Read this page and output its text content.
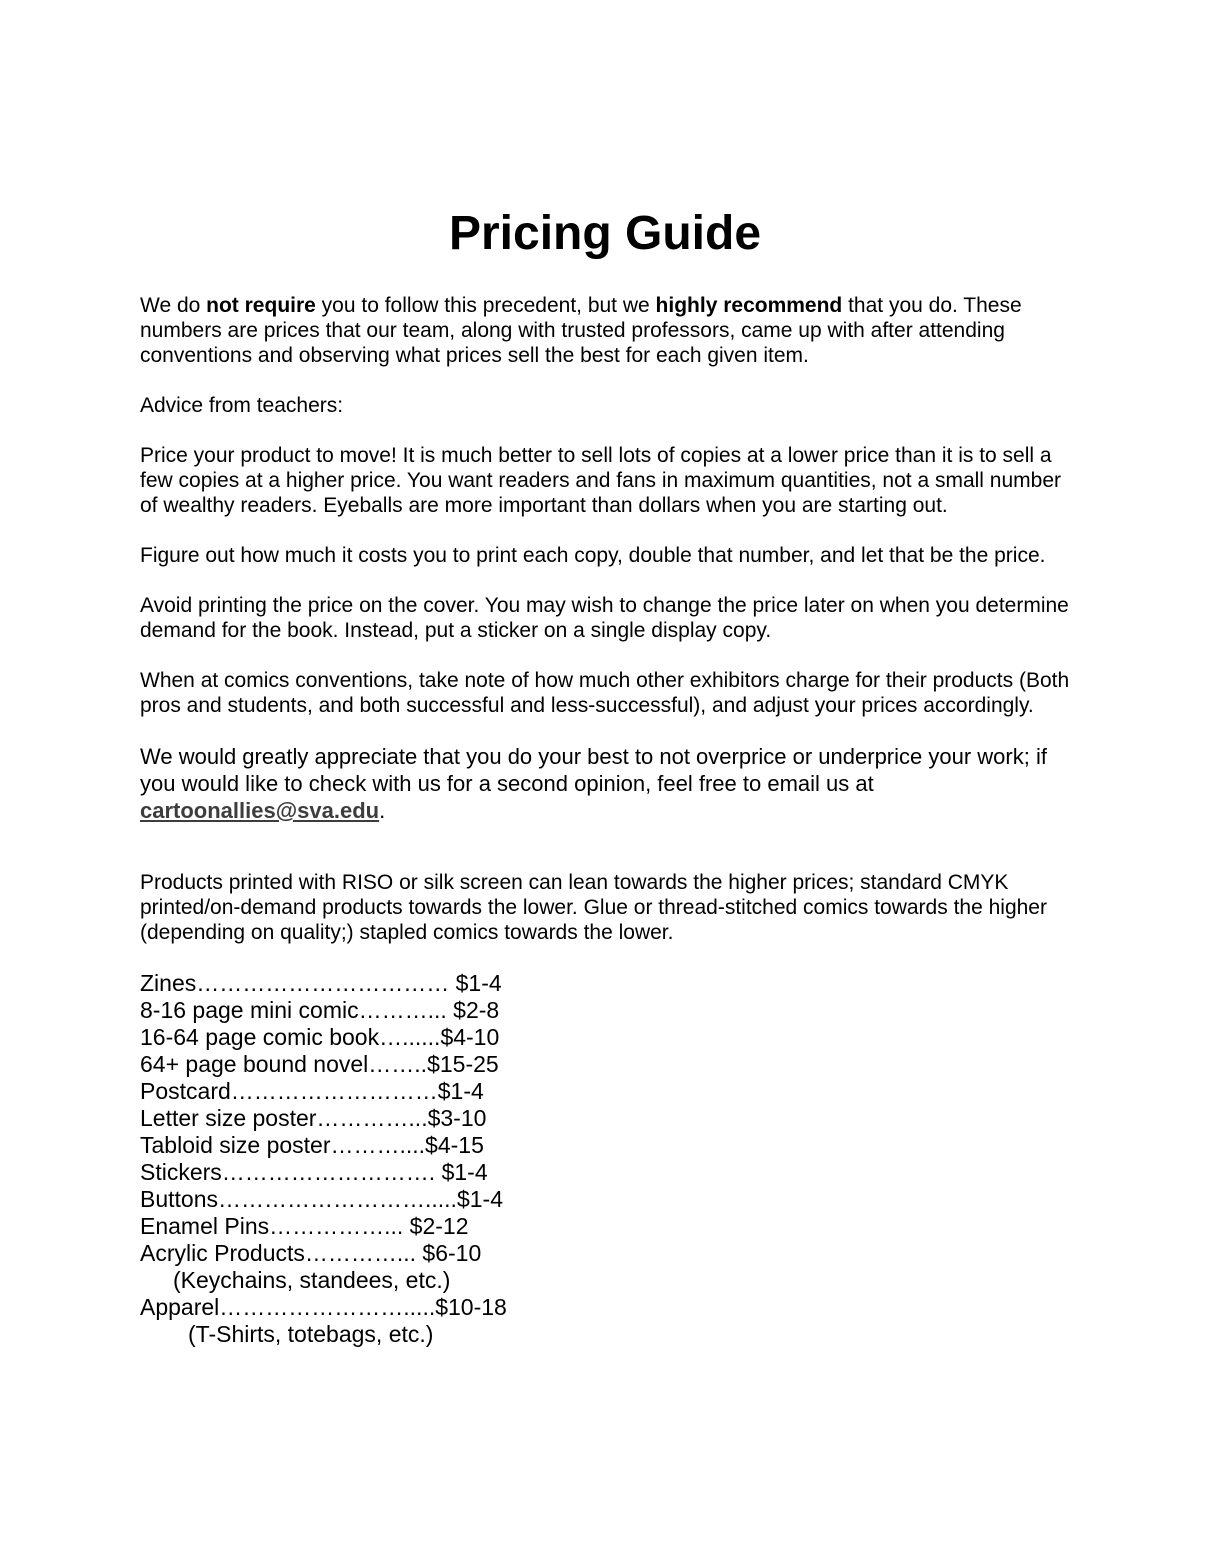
Pricing Guide

We do not require you to follow this precedent, but we highly recommend that you do. These numbers are prices that our team, along with trusted professors, came up with after attending conventions and observing what prices sell the best for each given item.

Advice from teachers:

Price your product to move! It is much better to sell lots of copies at a lower price than it is to sell a few copies at a higher price. You want readers and fans in maximum quantities, not a small number of wealthy readers. Eyeballs are more important than dollars when you are starting out.

Figure out how much it costs you to print each copy, double that number, and let that be the price.

Avoid printing the price on the cover. You may wish to change the price later on when you determine demand for the book. Instead, put a sticker on a single display copy.

When at comics conventions, take note of how much other exhibitors charge for their products (Both pros and students, and both successful and less-successful), and adjust your prices accordingly.

We would greatly appreciate that you do your best to not overprice or underprice your work; if you would like to check with us for a second opinion, feel free to email us at cartoonallies@sva.edu.

Products printed with RISO or silk screen can lean towards the higher prices; standard CMYK printed/on-demand products towards the lower. Glue or thread-stitched comics towards the higher (depending on quality;) stapled comics towards the lower.

Zines…………………………… $1-4
8-16 page mini comic………... $2-8
16-64 page comic book…......$4-10
64+ page bound novel……..$15-25
Postcard………………………$1-4
Letter size poster…………...$3-10
Tabloid size poster………....$4-15
Stickers………………………. $1-4
Buttons……………………….....$1-4
Enamel Pins……………... $2-12
Acrylic Products…………... $6-10
(Keychains, standees, etc.)
Apparel…………………….....$10-18
(T-Shirts, totebags, etc.)
